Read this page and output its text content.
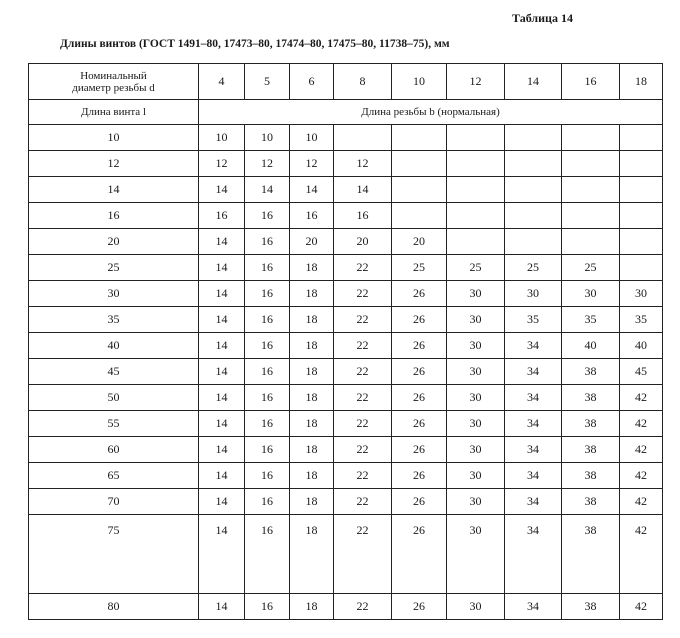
Таблица 14
Длины винтов (ГОСТ 1491–80, 17473–80, 17474–80, 17475–80, 11738–75), мм
Номинальный
диаметр резьбы d	4	5	6	8	10	12	14	16	18
Длина винта l	Длина резьбы b (нормальная)								
10	10	10	10						
12	12	12	12	12					
14	14	14	14	14					
16	16	16	16	16					
20	14	16	20	20	20				
25	14	16	18	22	25	25	25	25	
30	14	16	18	22	26	30	30	30	30
35	14	16	18	22	26	30	35	35	35
40	14	16	18	22	26	30	34	40	40
45	14	16	18	22	26	30	34	38	45
50	14	16	18	22	26	30	34	38	42
55	14	16	18	22	26	30	34	38	42
60	14	16	18	22	26	30	34	38	42
65	14	16	18	22	26	30	34	38	42
70	14	16	18	22	26	30	34	38	42
75	14	16	18	22	26	30	34	38	42
80	14	16	18	22	26	30	34	38	42
